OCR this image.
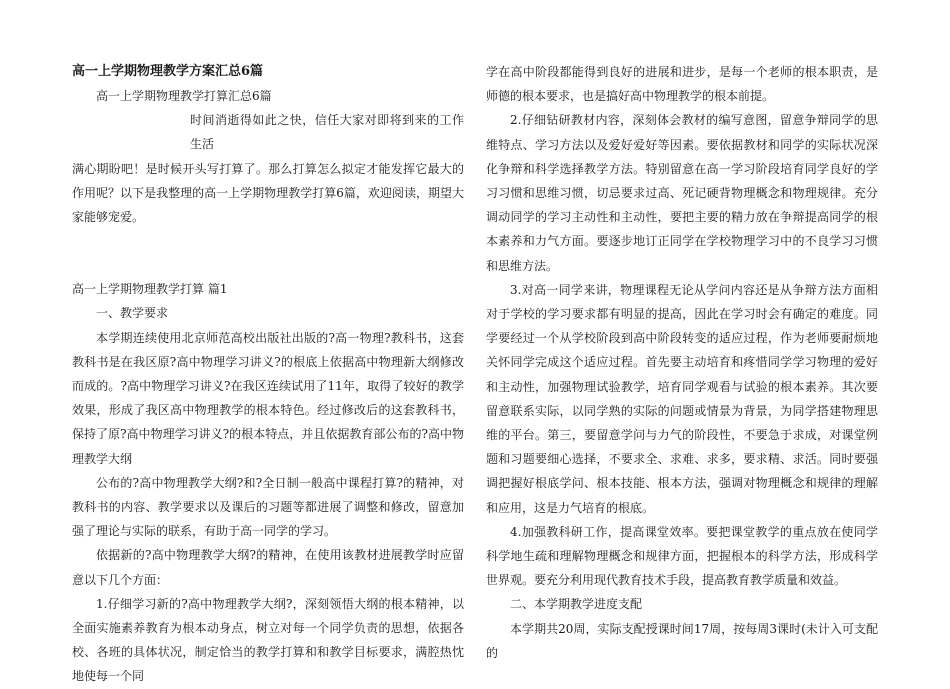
高一上学期物理教学方案汇总6篇

高一上学期物理教学打算汇总6篇

时间消逝得如此之快，信任大家对即将到来的工作生活

满心期盼吧！是时候开头写打算了。那么打算怎么拟定才能发挥它最大的作用呢？以下是我整理的高一上学期物理教学打算6篇，欢迎阅读，期望大家能够宠爱。

高一上学期物理教学打算 篇1

一、教学要求

本学期连续使用北京师范高校出版社出版的?高一物理?教科书，这套教科书是在我区原?高中物理学习讲义?的根底上依据高中物理新大纲修改而成的。?高中物理学习讲义?在我区连续试用了11年，取得了较好的教学效果，形成了我区高中物理教学的根本特色。经过修改后的这套教科书，保持了原?高中物理学习讲义?的根本特点，并且依据教育部公布的?高中物理教学大纲

公布的?高中物理教学大纲?和?全日制一般高中课程打算?的精神，对教科书的内容、教学要求以及课后的习题等都进展了调整和修改，留意加强了理论与实际的联系，有助于高一同学的学习。

依据新的?高中物理教学大纲?的精神，在使用该教材进展教学时应留意以下几个方面：

1.仔细学习新的?高中物理教学大纲?，深刻领悟大纲的根本精神，以全面实施素养教育为根本动身点，树立对每一个同学负责的思想，依据各校、各班的具体状况，制定恰当的教学打算和和教学目标要求，满腔热忱地使每一个同

学在高中阶段都能得到良好的进展和进步，是每一个老师的根本职责，是师德的根本要求，也是搞好高中物理教学的根本前提。

2.仔细钻研教材内容，深刻体会教材的编写意图，留意争辩同学的思维特点、学习方法以及爱好爱好等因素。要依据教材和同学的实际状况深化争辩和科学选择教学方法。特别留意在高一学习阶段培育同学良好的学习习惯和思维习惯，切忌要求过高、死记硬背物理概念和物理规律。充分调动同学的学习主动性和主动性，要把主要的精力放在争辩提高同学的根本素养和力气方面。要逐步地订正同学在学校物理学习中的不良学习习惯和思维方法。

3.对高一同学来讲，物理课程无论从学问内容还是从争辩方法方面相对于学校的学习要求都有明显的提高，因此在学习时会有确定的难度。同学要经过一个从学校阶段到高中阶段转变的适应过程，作为老师要耐烦地关怀同学完成这个适应过程。首先要主动培育和疼惜同学学习物理的爱好和主动性，加强物理试验教学，培育同学观看与试验的根本素养。其次要留意联系实际，以同学熟的实际的问题或情景为背景，为同学搭建物理思维的平台。第三，要留意学问与力气的阶段性，不要急于求成，对课堂例题和习题要细心选择，不要求全、求难、求多，要求精、求活。同时要强调把握好根底学问、根本技能、根本方法，强调对物理概念和规律的理解和应用，这是力气培育的根底。

4.加强教科研工作，提高课堂效率。要把课堂教学的重点放在使同学科学地生疏和理解物理概念和规律方面，把握根本的科学方法，形成科学世界观。要充分利用现代教育技术手段，提高教育教学质量和效益。

二、本学期教学进度支配

本学期共20周，实际支配授课时间17周，按每周3课时(未计入可支配的
